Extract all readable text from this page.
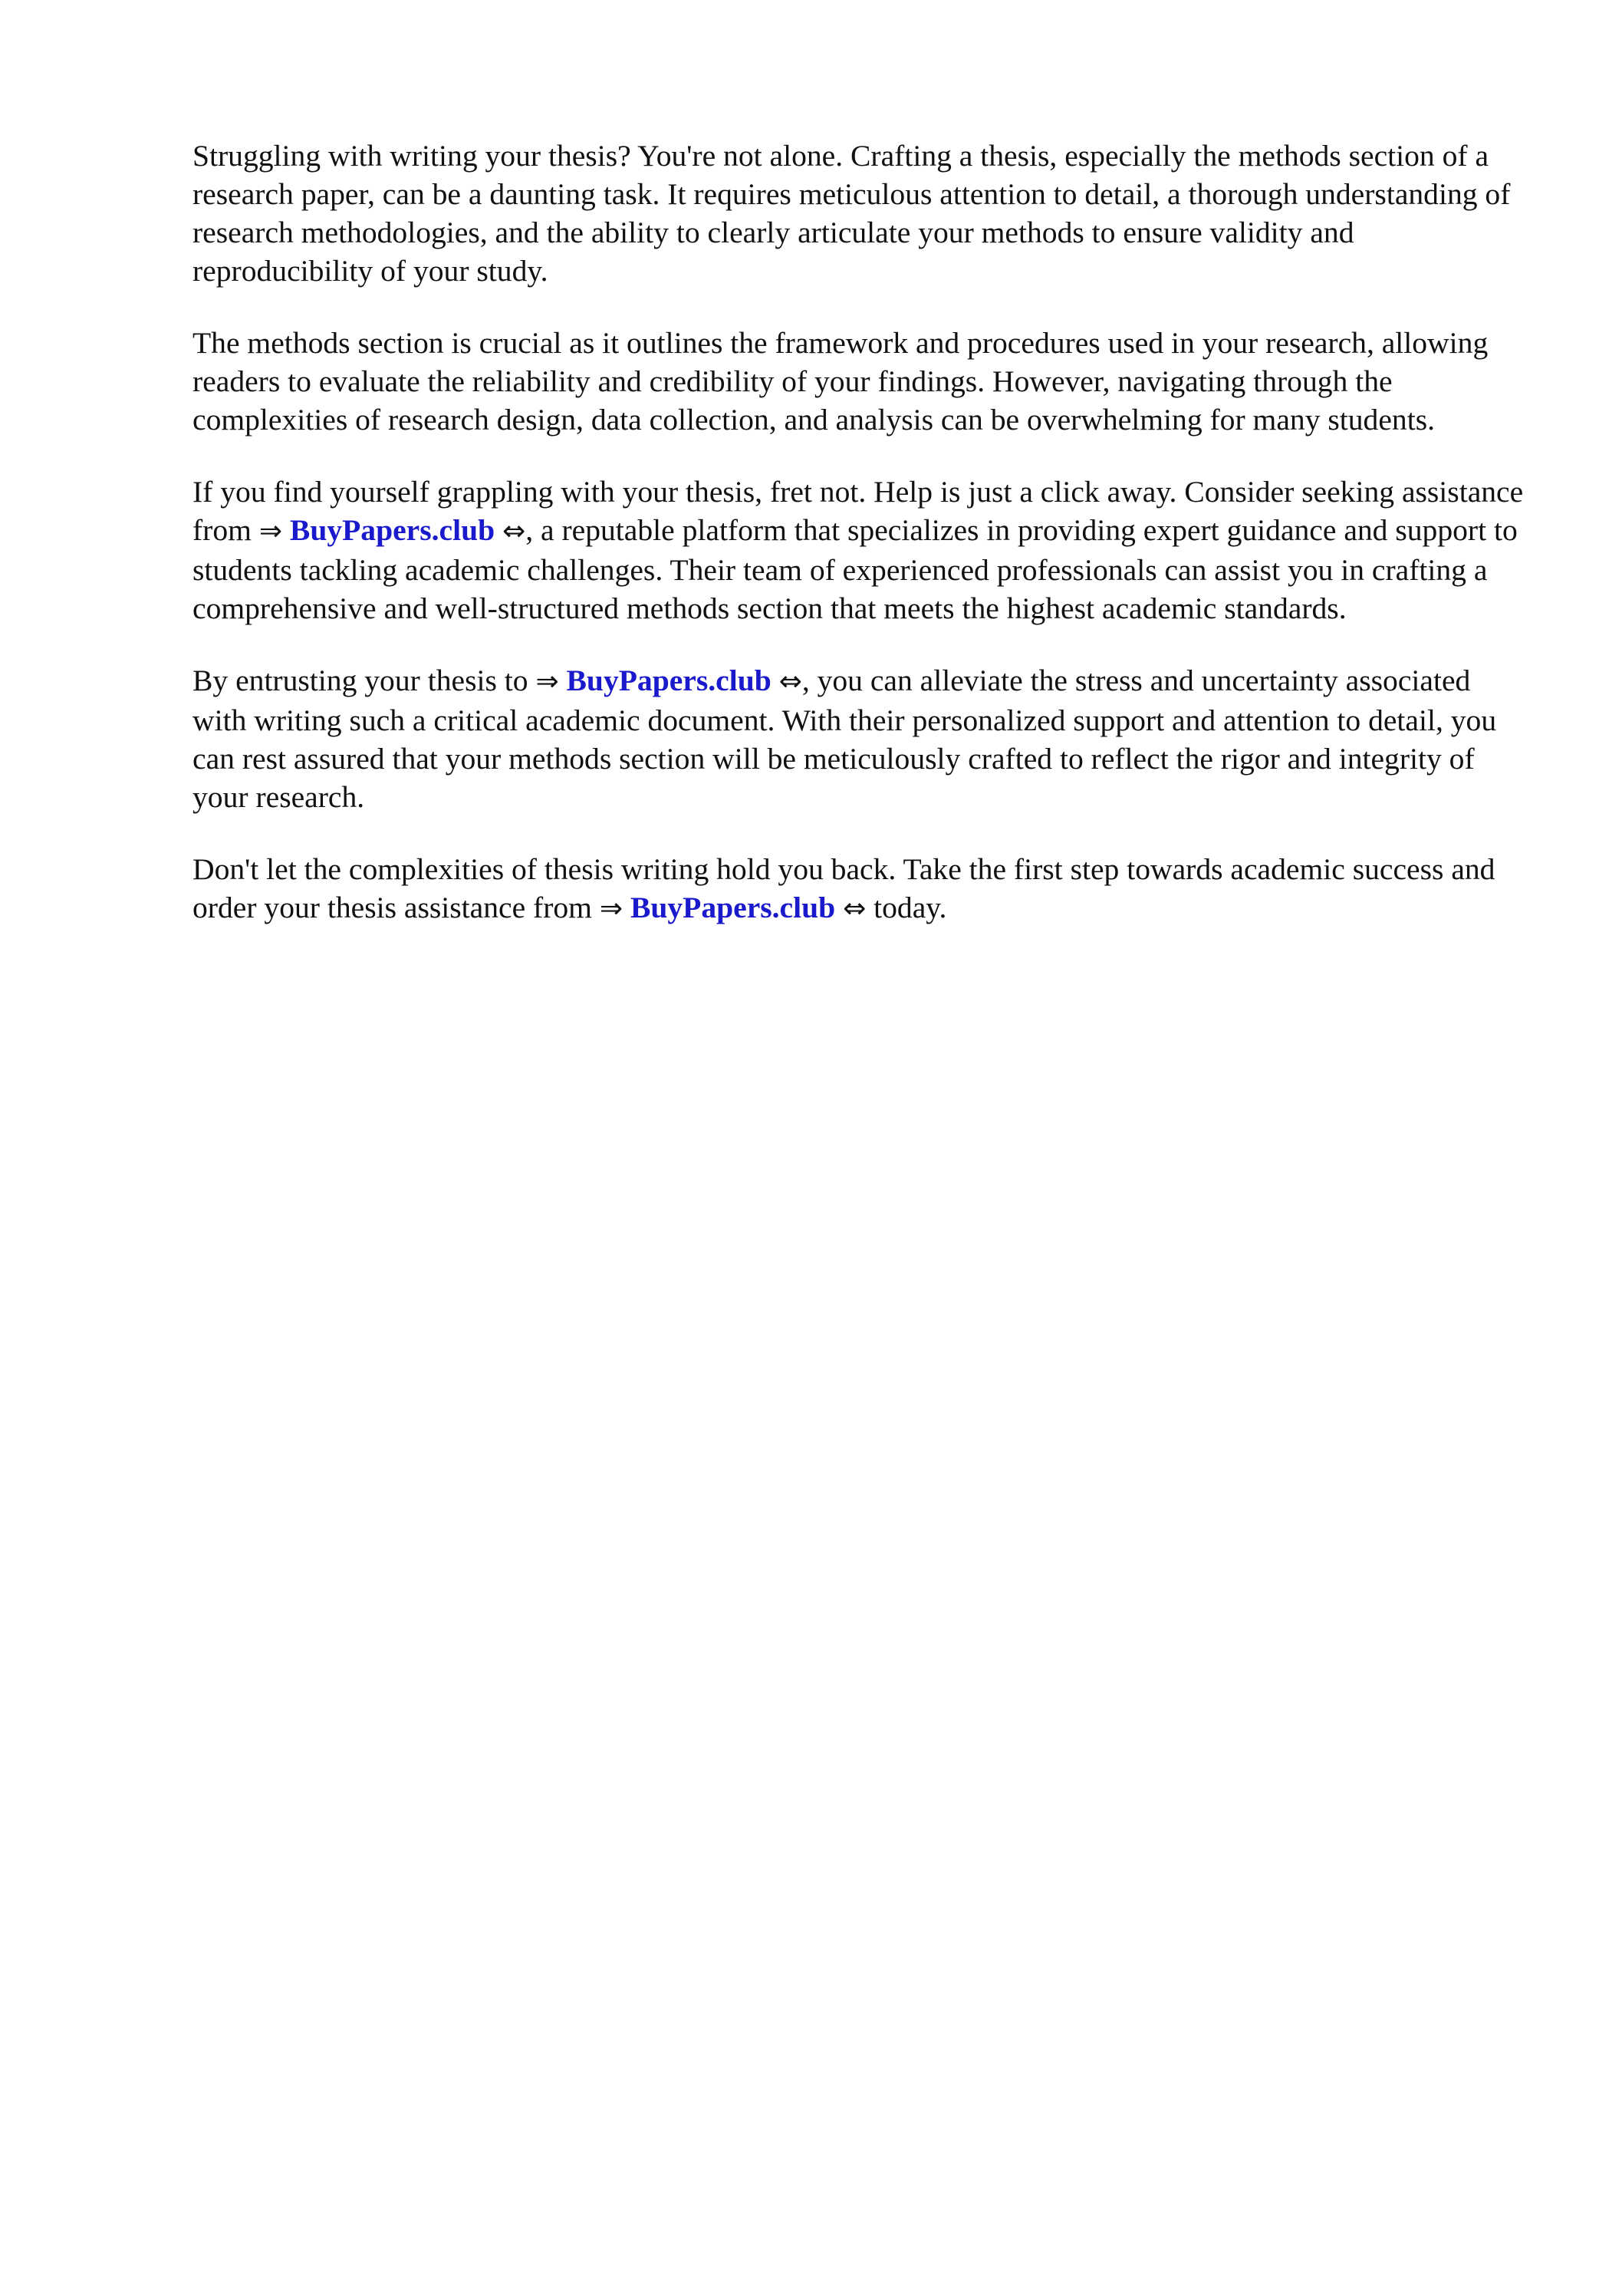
Struggling with writing your thesis? You're not alone. Crafting a thesis, especially the methods section of a research paper, can be a daunting task. It requires meticulous attention to detail, a thorough understanding of research methodologies, and the ability to clearly articulate your methods to ensure validity and reproducibility of your study.

The methods section is crucial as it outlines the framework and procedures used in your research, allowing readers to evaluate the reliability and credibility of your findings. However, navigating through the complexities of research design, data collection, and analysis can be overwhelming for many students.

If you find yourself grappling with your thesis, fret not. Help is just a click away. Consider seeking assistance from ⇒ BuyPapers.club ⇔, a reputable platform that specializes in providing expert guidance and support to students tackling academic challenges. Their team of experienced professionals can assist you in crafting a comprehensive and well-structured methods section that meets the highest academic standards.

By entrusting your thesis to ⇒ BuyPapers.club ⇔, you can alleviate the stress and uncertainty associated with writing such a critical academic document. With their personalized support and attention to detail, you can rest assured that your methods section will be meticulously crafted to reflect the rigor and integrity of your research.

Don't let the complexities of thesis writing hold you back. Take the first step towards academic success and order your thesis assistance from ⇒ BuyPapers.club ⇔ today.
